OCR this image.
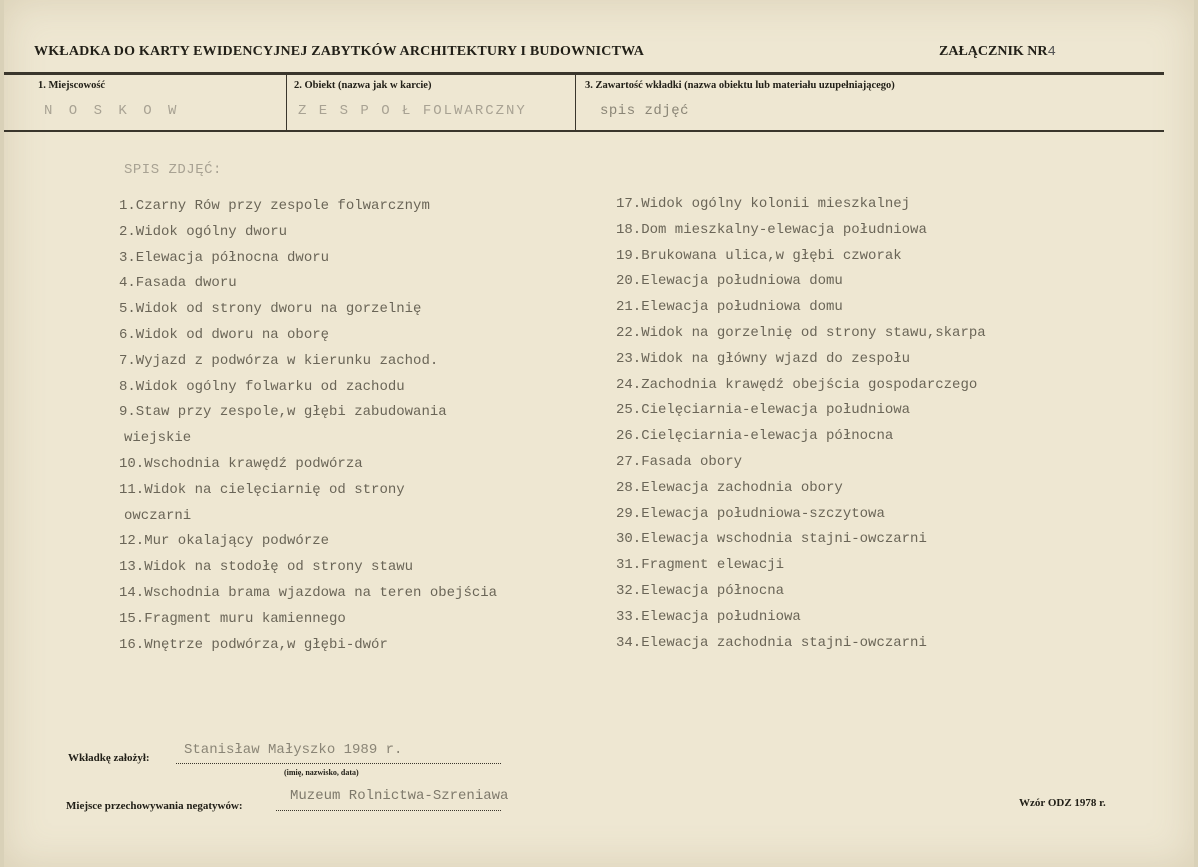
WKŁADKA DO KARTY EWIDENCYJNEJ ZABYTKÓW ARCHITEKTURY I BUDOWNICTWA	ZAŁĄCZNIK NR4
1. Miejscowość
N O S K O W
2. Obiekt (nazwa jak w karcie)
Z E S P O Ł FOLWARCZNY
3. Zawartość wkładki (nazwa obiektu lub materiału uzupełniającego)
spis zdjęć
SPIS ZDJĘĆ:
1.Czarny Rów przy zespole folwarcznym
2.Widok ogólny dworu
3.Elewacja północna dworu
4.Fasada dworu
5.Widok od strony dworu na gorzelnię
6.Widok od dworu na oborę
7.Wyjazd z podwórza w kierunku zachod.
8.Widok ogólny folwarku od zachodu
9.Staw przy zespole,w głębi zabudowania
wiejskie
10.Wschodnia krawędź podwórza
11.Widok na cielęciarnię od strony
owczarni
12.Mur okalający podwórze
13.Widok na stodołę od strony stawu
14.Wschodnia brama wjazdowa na teren obejścia
15.Fragment muru kamiennego
16.Wnętrze podwórza,w głębi-dwór
17.Widok ogólny kolonii mieszkalnej
18.Dom mieszkalny-elewacja południowa
19.Brukowana ulica,w głębi czworak
20.Elewacja południowa domu
21.Elewacja południowa domu
22.Widok na gorzelnię od strony stawu,skarpa
23.Widok na główny wjazd do zespołu
24.Zachodnia krawędź obejścia gospodarczego
25.Cielęciarnia-elewacja południowa
26.Cielęciarnia-elewacja północna
27.Fasada obory
28.Elewacja zachodnia obory
29.Elewacja południowa-szczytowa
30.Elewacja wschodnia stajni-owczarni
31.Fragment elewacji
32.Elewacja północna
33.Elewacja południowa
34.Elewacja zachodnia stajni-owczarni
Wkładkę założył: Stanisław Małyszko 1989 r.
(imię, nazwisko, data)
Miejsce przechowywania negatywów:
Muzeum Rolnictwa-Szreniawa	Wzór ODZ 1978 r.
